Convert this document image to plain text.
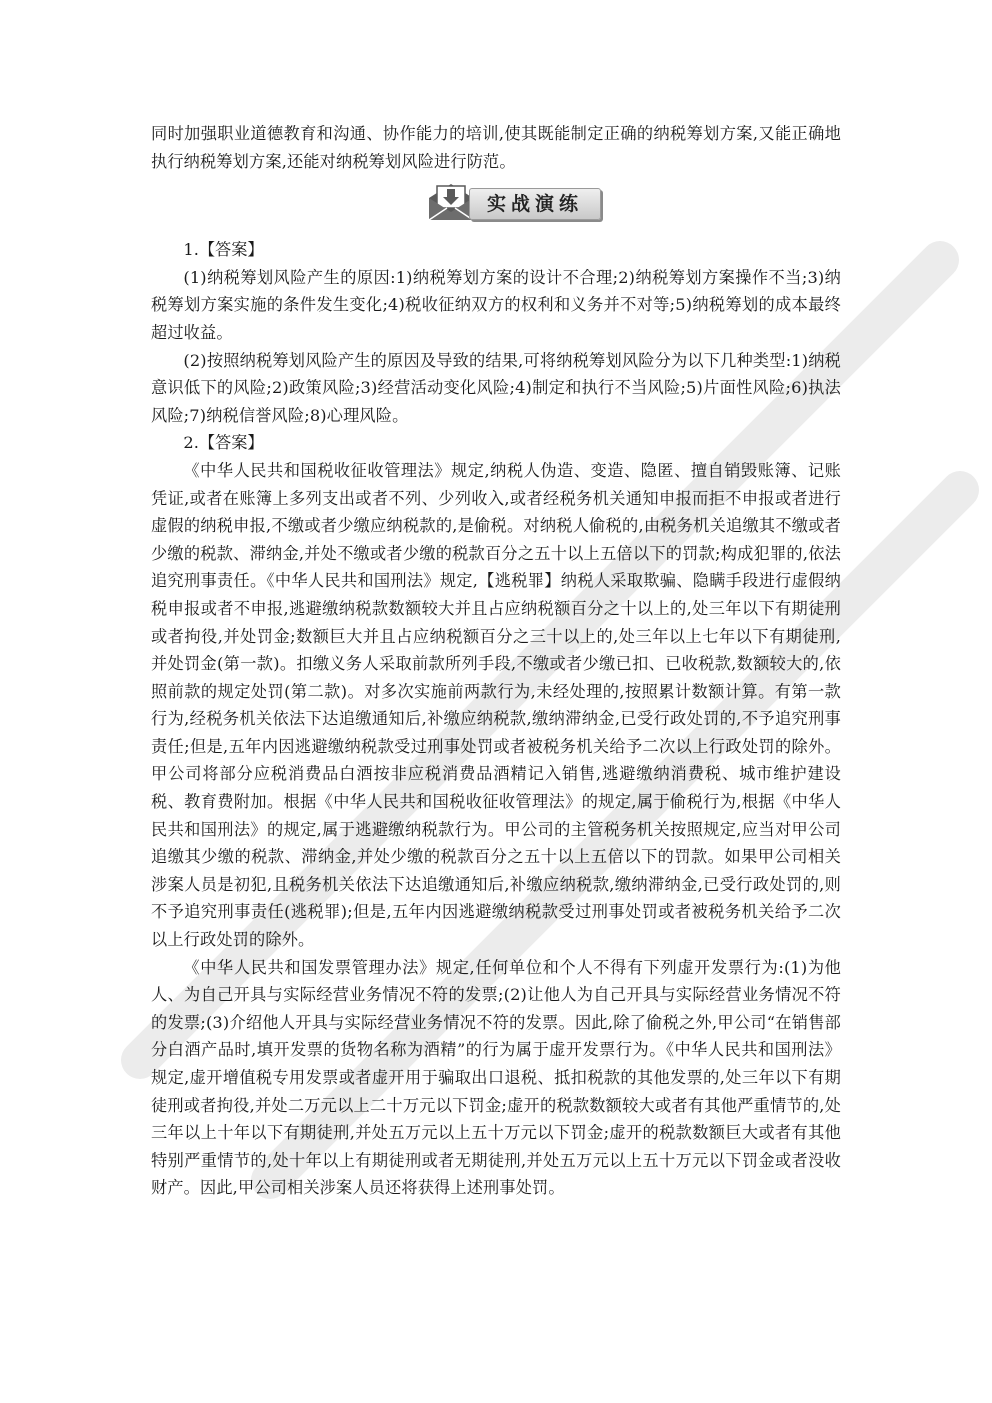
同时加强职业道德教育和沟通、协作能力的培训,使其既能制定正确的纳税筹划方案,又能正确地执行纳税筹划方案,还能对纳税筹划风险进行防范。

实战演练
1.【答案】

(1)纳税筹划风险产生的原因:1)纳税筹划方案的设计不合理;2)纳税筹划方案操作不当;3)纳税筹划方案实施的条件发生变化;4)税收征纳双方的权利和义务并不对等;5)纳税筹划的成本最终超过收益。

(2)按照纳税筹划风险产生的原因及导致的结果,可将纳税筹划风险分为以下几种类型:1)纳税意识低下的风险;2)政策风险;3)经营活动变化风险;4)制定和执行不当风险;5)片面性风险;6)执法风险;7)纳税信誉风险;8)心理风险。

2.【答案】

《中华人民共和国税收征收管理法》规定,纳税人伪造、变造、隐匿、擅自销毁账簿、记账凭证,或者在账簿上多列支出或者不列、少列收入,或者经税务机关通知申报而拒不申报或者进行虚假的纳税申报,不缴或者少缴应纳税款的,是偷税。对纳税人偷税的,由税务机关追缴其不缴或者少缴的税款、滞纳金,并处不缴或者少缴的税款百分之五十以上五倍以下的罚款;构成犯罪的,依法追究刑事责任。《中华人民共和国刑法》规定,【逃税罪】纳税人采取欺骗、隐瞒手段进行虚假纳税申报或者不申报,逃避缴纳税款数额较大并且占应纳税额百分之十以上的,处三年以下有期徒刑或者拘役,并处罚金;数额巨大并且占应纳税额百分之三十以上的,处三年以上七年以下有期徒刑,并处罚金(第一款)。扣缴义务人采取前款所列手段,不缴或者少缴已扣、已收税款,数额较大的,依照前款的规定处罚(第二款)。对多次实施前两款行为,未经处理的,按照累计数额计算。有第一款行为,经税务机关依法下达追缴通知后,补缴应纳税款,缴纳滞纳金,已受行政处罚的,不予追究刑事责任;但是,五年内因逃避缴纳税款受过刑事处罚或者被税务机关给予二次以上行政处罚的除外。甲公司将部分应税消费品白酒按非应税消费品酒精记入销售,逃避缴纳消费税、城市维护建设税、教育费附加。根据《中华人民共和国税收征收管理法》的规定,属于偷税行为,根据《中华人民共和国刑法》的规定,属于逃避缴纳税款行为。甲公司的主管税务机关按照规定,应当对甲公司追缴其少缴的税款、滞纳金,并处少缴的税款百分之五十以上五倍以下的罚款。如果甲公司相关涉案人员是初犯,且税务机关依法下达追缴通知后,补缴应纳税款,缴纳滞纳金,已受行政处罚的,则不予追究刑事责任(逃税罪);但是,五年内因逃避缴纳税款受过刑事处罚或者被税务机关给予二次以上行政处罚的除外。

《中华人民共和国发票管理办法》规定,任何单位和个人不得有下列虚开发票行为:(1)为他人、为自己开具与实际经营业务情况不符的发票;(2)让他人为自己开具与实际经营业务情况不符的发票;(3)介绍他人开具与实际经营业务情况不符的发票。因此,除了偷税之外,甲公司“在销售部分白酒产品时,填开发票的货物名称为酒精”的行为属于虚开发票行为。《中华人民共和国刑法》规定,虚开增值税专用发票或者虚开用于骗取出口退税、抵扣税款的其他发票的,处三年以下有期徒刑或者拘役,并处二万元以上二十万元以下罚金;虚开的税款数额较大或者有其他严重情节的,处三年以上十年以下有期徒刑,并处五万元以上五十万元以下罚金;虚开的税款数额巨大或者有其他特别严重情节的,处十年以上有期徒刑或者无期徒刑,并处五万元以上五十万元以下罚金或者没收财产。因此,甲公司相关涉案人员还将获得上述刑事处罚。
